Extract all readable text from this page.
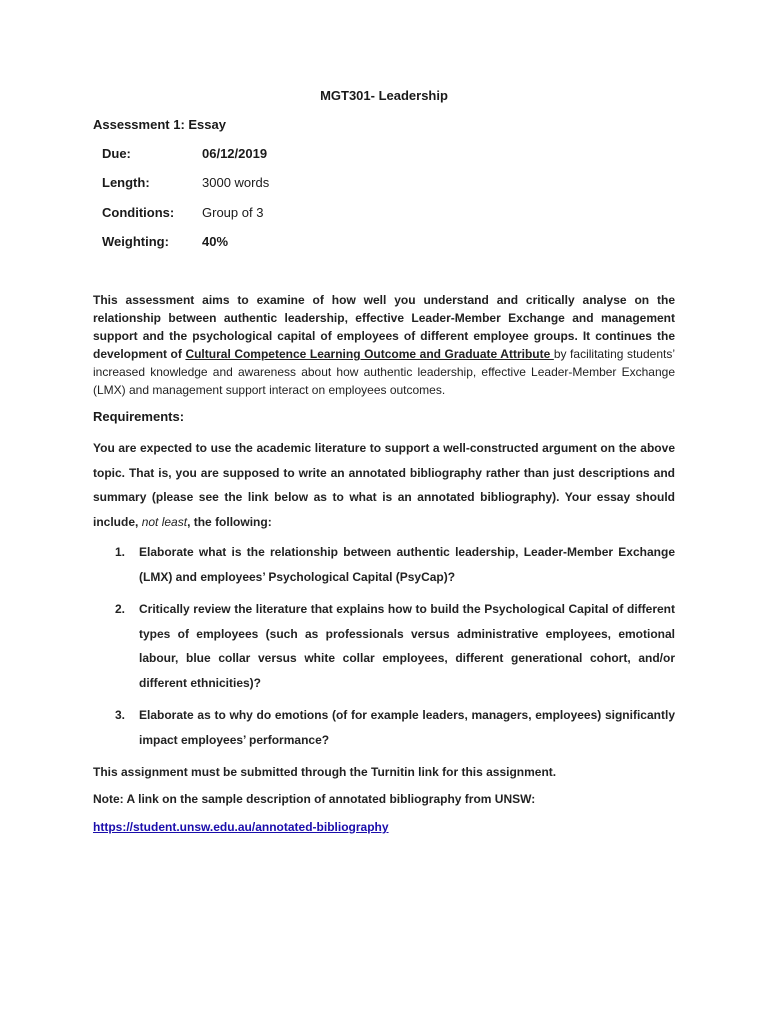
MGT301- Leadership
Assessment 1: Essay
Due:	06/12/2019
Length:	3000 words
Conditions: Group of 3
Weighting:	40%

This assessment aims to examine of how well you understand and critically analyse on the relationship between authentic leadership, effective Leader-Member Exchange and management support and the psychological capital of employees of different employee groups. It continues the development of Cultural Competence Learning Outcome and Graduate Attribute by facilitating students’ increased knowledge and awareness about how authentic leadership, effective Leader-Member Exchange (LMX) and management support interact on employees outcomes.

Requirements:

You are expected to use the academic literature to support a well-constructed argument on the above topic. That is, you are supposed to write an annotated bibliography rather than just descriptions and summary (please see the link below as to what is an annotated bibliography). Your essay should include, not least, the following:

1. Elaborate what is the relationship between authentic leadership, Leader-Member Exchange (LMX) and employees’ Psychological Capital (PsyCap)?
2. Critically review the literature that explains how to build the Psychological Capital of different types of employees (such as professionals versus administrative employees, emotional labour, blue collar versus white collar employees, different generational cohort, and/or different ethnicities)?
3. Elaborate as to why do emotions (of for example leaders, managers, employees) significantly impact employees’ performance?
This assignment must be submitted through the Turnitin link for this assignment.
Note: A link on the sample description of annotated bibliography from UNSW:
https://student.unsw.edu.au/annotated-bibliography
